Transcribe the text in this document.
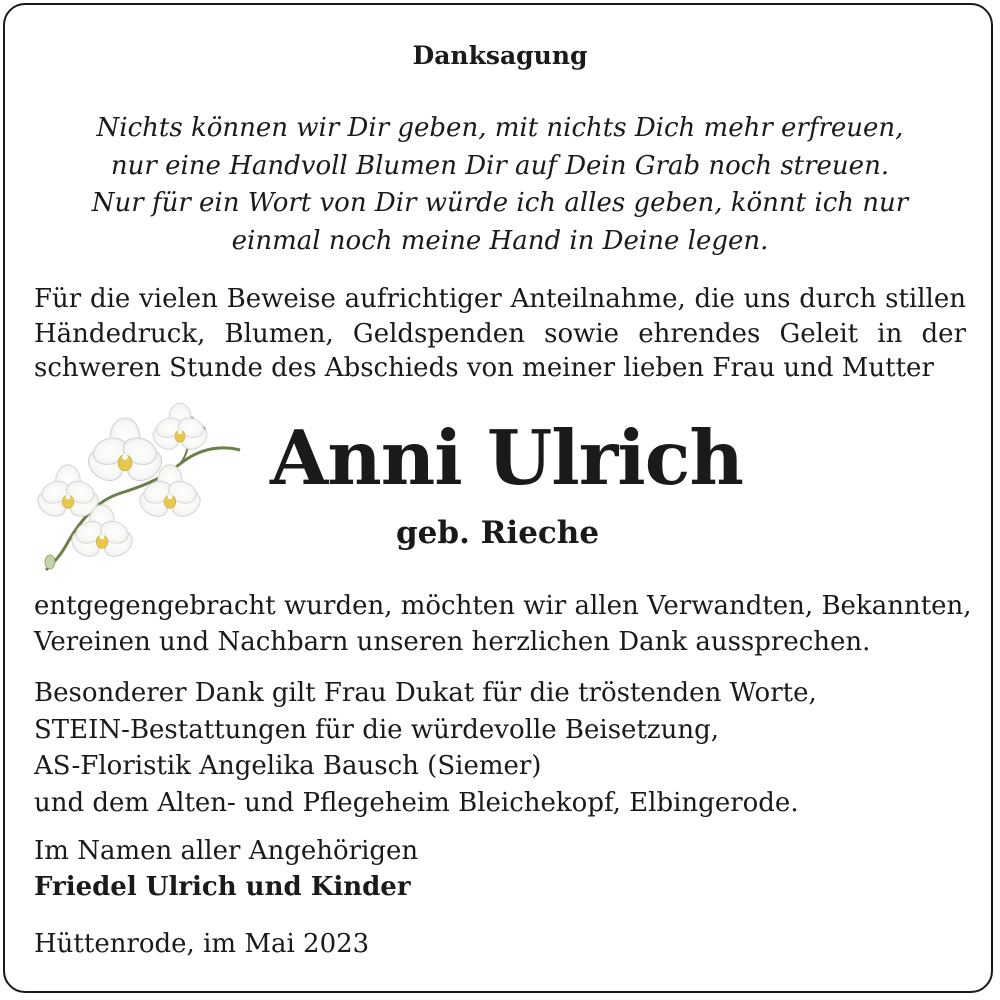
Danksagung
Nichts können wir Dir geben, mit nichts Dich mehr erfreuen,
nur eine Handvoll Blumen Dir auf Dein Grab noch streuen.
Nur für ein Wort von Dir würde ich alles geben, könnt ich nur
einmal noch meine Hand in Deine legen.
Für die vielen Beweise aufrichtiger Anteilnahme, die uns durch stillen
Händedruck, Blumen, Geldspenden sowie ehrendes Geleit in der
schweren Stunde des Abschieds von meiner lieben Frau und Mutter
Anni Ulrich
geb. Rieche
entgegengebracht wurden, möchten wir allen Verwandten, Bekannten,
Vereinen und Nachbarn unseren herzlichen Dank aussprechen.
Besonderer Dank gilt Frau Dukat für die tröstenden Worte,
STEIN-Bestattungen für die würdevolle Beisetzung,
AS-Floristik Angelika Bausch (Siemer)
und dem Alten- und Pflegeheim Bleichekopf, Elbingerode.
Im Namen aller Angehörigen
Friedel Ulrich und Kinder
Hüttenrode, im Mai 2023
